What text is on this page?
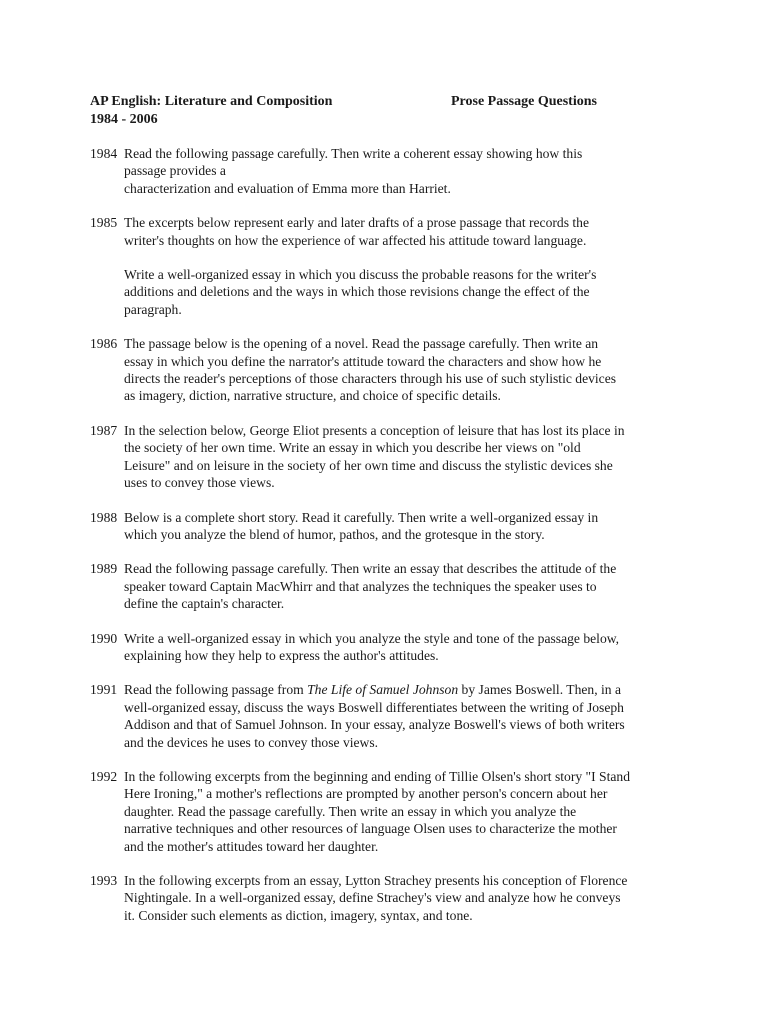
AP English: Literature and Composition	Prose Passage Questions
1984 - 2006
1984 Read the following passage carefully. Then write a coherent essay showing how this
passage provides a
characterization and evaluation of Emma more than Harriet.
1985 The excerpts below represent early and later drafts of a prose passage that records the
writer's thoughts on how the experience of war affected his attitude toward language.
Write a well-organized essay in which you discuss the probable reasons for the writer's
additions and deletions and the ways in which those revisions change the effect of the
paragraph.
1986 The passage below is the opening of a novel. Read the passage carefully. Then write an
essay in which you define the narrator's attitude toward the characters and show how he
directs the reader's perceptions of those characters through his use of such stylistic devices
as imagery, diction, narrative structure, and choice of specific details.
1987 In the selection below, George Eliot presents a conception of leisure that has lost its place in
the society of her own time. Write an essay in which you describe her views on "old
Leisure" and on leisure in the society of her own time and discuss the stylistic devices she
uses to convey those views.
1988 Below is a complete short story. Read it carefully. Then write a well-organized essay in
which you analyze the blend of humor, pathos, and the grotesque in the story.
1989 Read the following passage carefully. Then write an essay that describes the attitude of the
speaker toward Captain MacWhirr and that analyzes the techniques the speaker uses to
define the captain's character.
1990 Write a well-organized essay in which you analyze the style and tone of the passage below,
explaining how they help to express the author's attitudes.
1991 Read the following passage from The Life of Samuel Johnson by James Boswell. Then, in a
well-organized essay, discuss the ways Boswell differentiates between the writing of Joseph
Addison and that of Samuel Johnson. In your essay, analyze Boswell's views of both writers
and the devices he uses to convey those views.
1992 In the following excerpts from the beginning and ending of Tillie Olsen's short story "I Stand
Here Ironing," a mother's reflections are prompted by another person's concern about her
daughter. Read the passage carefully. Then write an essay in which you analyze the
narrative techniques and other resources of language Olsen uses to characterize the mother
and the mother's attitudes toward her daughter.
1993 In the following excerpts from an essay, Lytton Strachey presents his conception of Florence
Nightingale. In a well-organized essay, define Strachey's view and analyze how he conveys
it. Consider such elements as diction, imagery, syntax, and tone.
